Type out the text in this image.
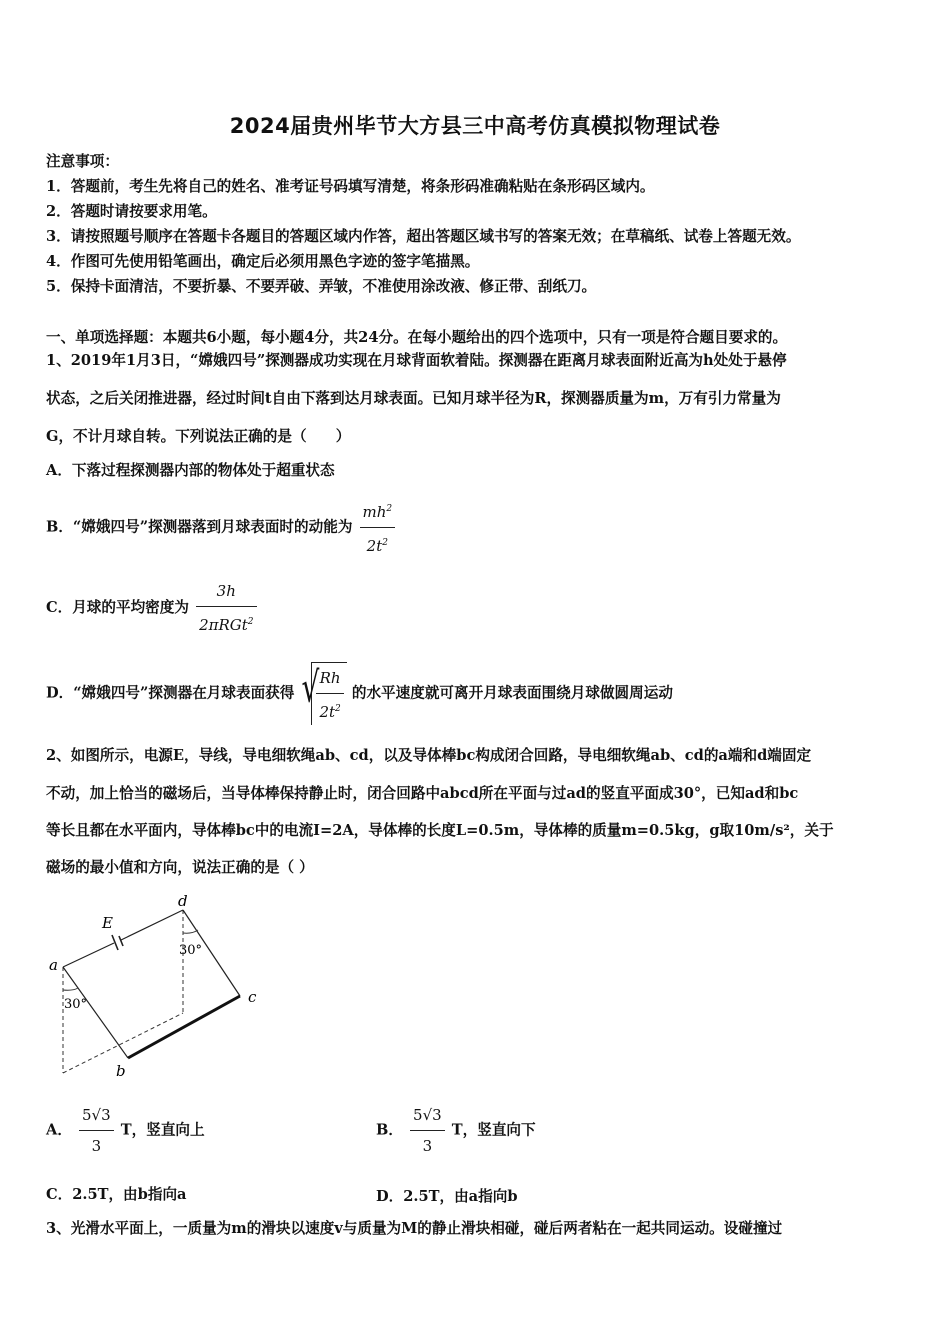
2024届贵州毕节大方县三中高考仿真模拟物理试卷
注意事项：
1．答题前，考生先将自己的姓名、准考证号码填写清楚，将条形码准确粘贴在条形码区域内。
2．答题时请按要求用笔。
3．请按照题号顺序在答题卡各题目的答题区域内作答，超出答题区域书写的答案无效；在草稿纸、试卷上答题无效。
4．作图可先使用铅笔画出，确定后必须用黑色字迹的签字笔描黑。
5．保持卡面清洁，不要折暴、不要弄破、弄皱，不准使用涂改液、修正带、刮纸刀。
一、单项选择题：本题共6小题，每小题4分，共24分。在每小题给出的四个选项中，只有一项是符合题目要求的。
1、2019年1月3日，“嫦娥四号”探测器成功实现在月球背面软着陆。探测器在距离月球表面附近高为h处处于悬停
状态，之后关闭推进器，经过时间t自由下落到达月球表面。已知月球半径为R，探测器质量为m，万有引力常量为
G，不计月球自转。下列说法正确的是（　　）
A．下落过程探测器内部的物体处于超重状态
B．“嫦娥四号”探测器落到月球表面时的动能为 $\frac{mh^2}{2t^2}$
C．月球的平均密度为 $\frac{3h}{2\pi RGt^2}$
D．“嫦娥四号”探测器在月球表面获得 √
$\frac{Rh}{2t^2}$ 的水平速度就可离开月球表面围绕月球做圆周运动
2、如图所示，电源E，导线，导电细软绳ab、cd，以及导体棒bc构成闭合回路，导电细软绳ab、cd的a端和d端固定
不动，加上恰当的磁场后，当导体棒保持静止时，闭合回路中abcd所在平面与过ad的竖直平面成30°，已知ad和bc
等长且都在水平面内，导体棒bc中的电流I=2A，导体棒的长度L=0.5m，导体棒的质量m=0.5kg，g取10m/s²，关于
磁场的最小值和方向，说法正确的是（ ）
E
a
d
c
b
30°
30°
A． $\frac{5√3}{3}$ T，竖直向上	B． $\frac{5√3}{3}$ T，竖直向下
C．2.5T，由b指向a	D．2.5T，由a指向b
3、光滑水平面上，一质量为m的滑块以速度v与质量为M的静止滑块相碰，碰后两者粘在一起共同运动。设碰撞过
